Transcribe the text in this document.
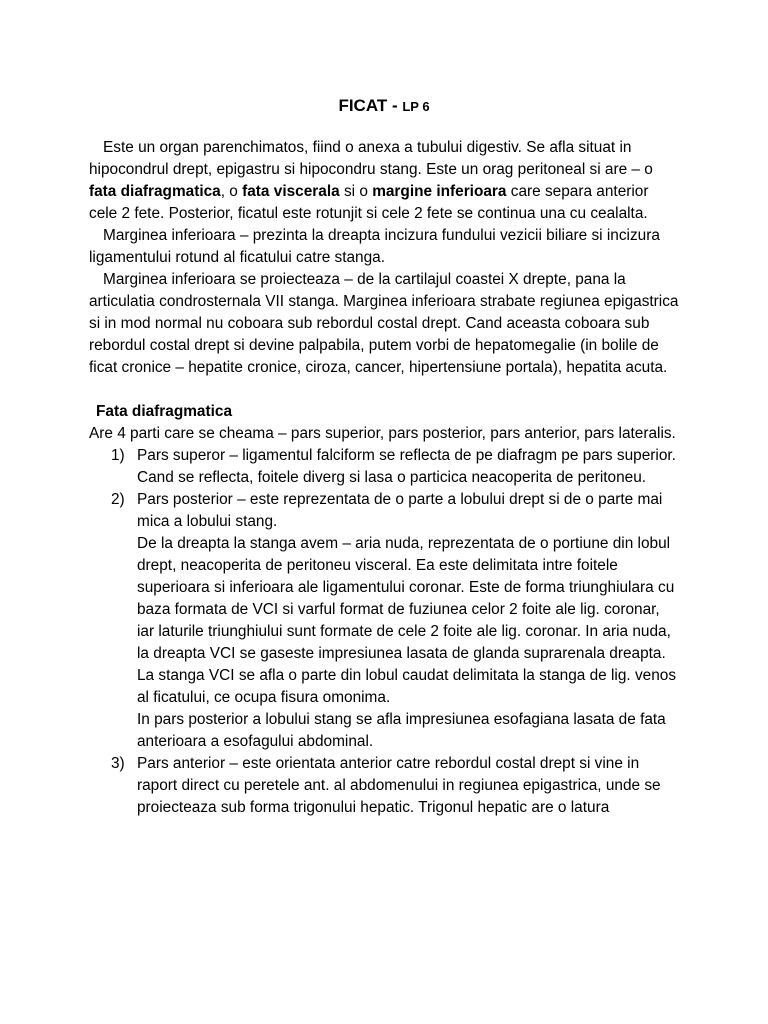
FICAT - LP 6

Este un organ parenchimatos, fiind o anexa a tubului digestiv. Se afla situat in hipocondrul drept, epigastru si hipocondru stang. Este un orag peritoneal si are – o fata diafragmatica, o fata viscerala si o margine inferioara care separa anterior cele 2 fete. Posterior, ficatul este rotunjit si cele 2 fete se continua una cu cealalta.

Marginea inferioara – prezinta la dreapta incizura fundului vezicii biliare si incizura ligamentului rotund al ficatului catre stanga.

Marginea inferioara se proiecteaza – de la cartilajul coastei X drepte, pana la articulatia condrosternala VII stanga. Marginea inferioara strabate regiunea epigastrica si in mod normal nu coboara sub rebordul costal drept. Cand aceasta coboara sub rebordul costal drept si devine palpabila, putem vorbi de hepatomegalie (in bolile de ficat cronice – hepatite cronice, ciroza, cancer, hipertensiune portala), hepatita acuta.

Fata diafragmatica

Are 4 parti care se cheama – pars superior, pars posterior, pars anterior, pars lateralis.

1) Pars superor – ligamentul falciform se reflecta de pe diafragm pe pars superior. Cand se reflecta, foitele diverg si lasa o particica neacoperita de peritoneu.
2) Pars posterior – este reprezentata de o parte a lobului drept si de o parte mai mica a lobului stang.
De la dreapta la stanga avem – aria nuda, reprezentata de o portiune din lobul drept, neacoperita de peritoneu visceral. Ea este delimitata intre foitele superioara si inferioara ale ligamentului coronar. Este de forma triunghiulara cu baza formata de VCI si varful format de fuziunea celor 2 foite ale lig. coronar, iar laturile triunghiului sunt formate de cele 2 foite ale lig. coronar. In aria nuda, la dreapta VCI se gaseste impresiunea lasata de glanda suprarenala dreapta. La stanga VCI se afla o parte din lobul caudat delimitata la stanga de lig. venos al ficatului, ce ocupa fisura omonima.
In pars posterior a lobului stang se afla impresiunea esofagiana lasata de fata anterioara a esofagului abdominal.
3) Pars anterior – este orientata anterior catre rebordul costal drept si vine in raport direct cu peretele ant. al abdomenului in regiunea epigastrica, unde se proiecteaza sub forma trigonului hepatic. Trigonul hepatic are o latura
